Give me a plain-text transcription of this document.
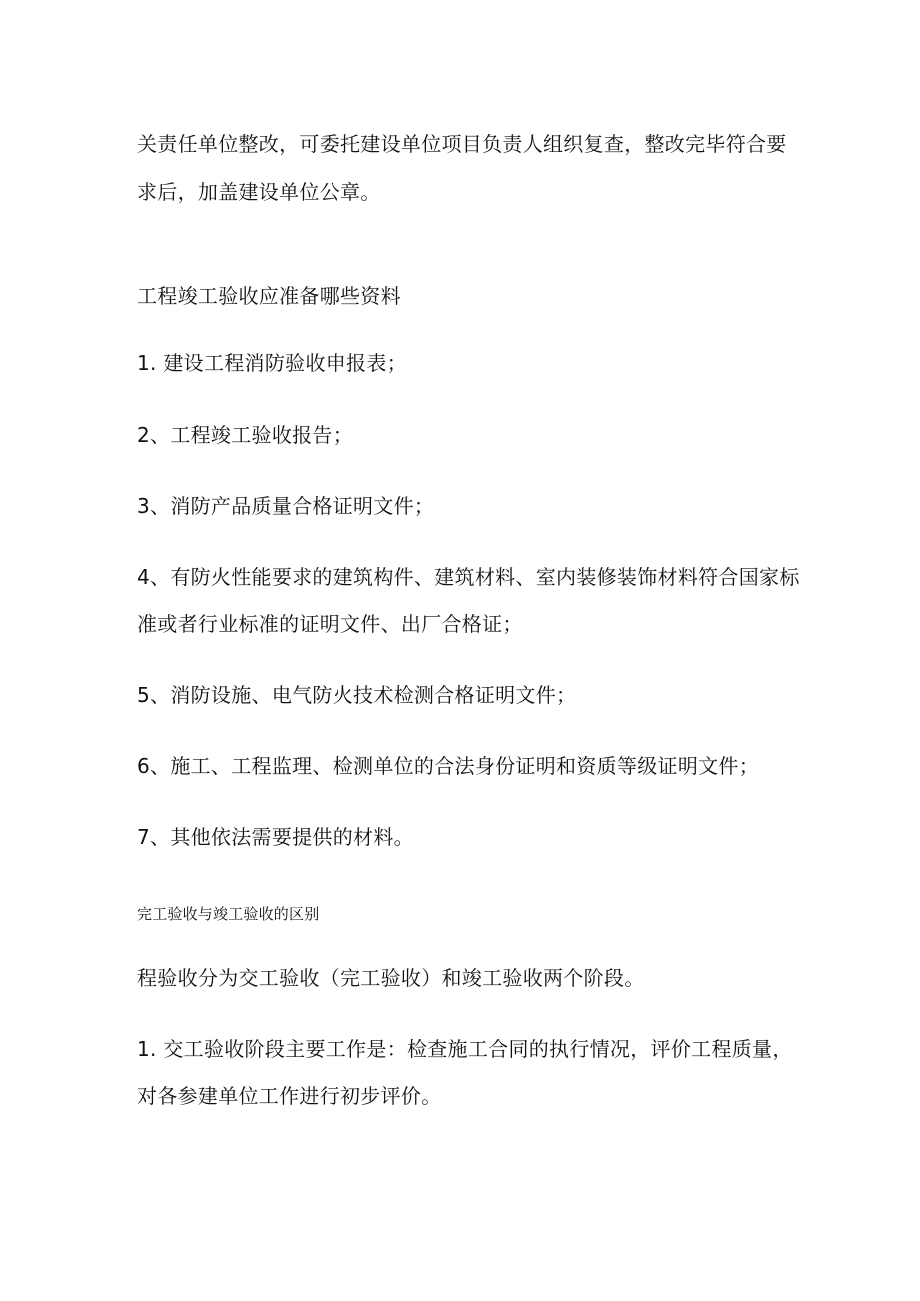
关责任单位整改，可委托建设单位项目负责人组织复查，整改完毕符合要
求后，加盖建设单位公章。
工程竣工验收应准备哪些资料
1. 建设工程消防验收申报表；
2、工程竣工验收报告；
3、消防产品质量合格证明文件；
4、有防火性能要求的建筑构件、建筑材料、室内装修装饰材料符合国家标
准或者行业标准的证明文件、出厂合格证；
5、消防设施、电气防火技术检测合格证明文件；
6、施工、工程监理、检测单位的合法身份证明和资质等级证明文件；
7、其他依法需要提供的材料。
完工验收与竣工验收的区别
程验收分为交工验收（完工验收）和竣工验收两个阶段。
1. 交工验收阶段主要工作是：检查施工合同的执行情况，评价工程质量，
对各参建单位工作进行初步评价。
